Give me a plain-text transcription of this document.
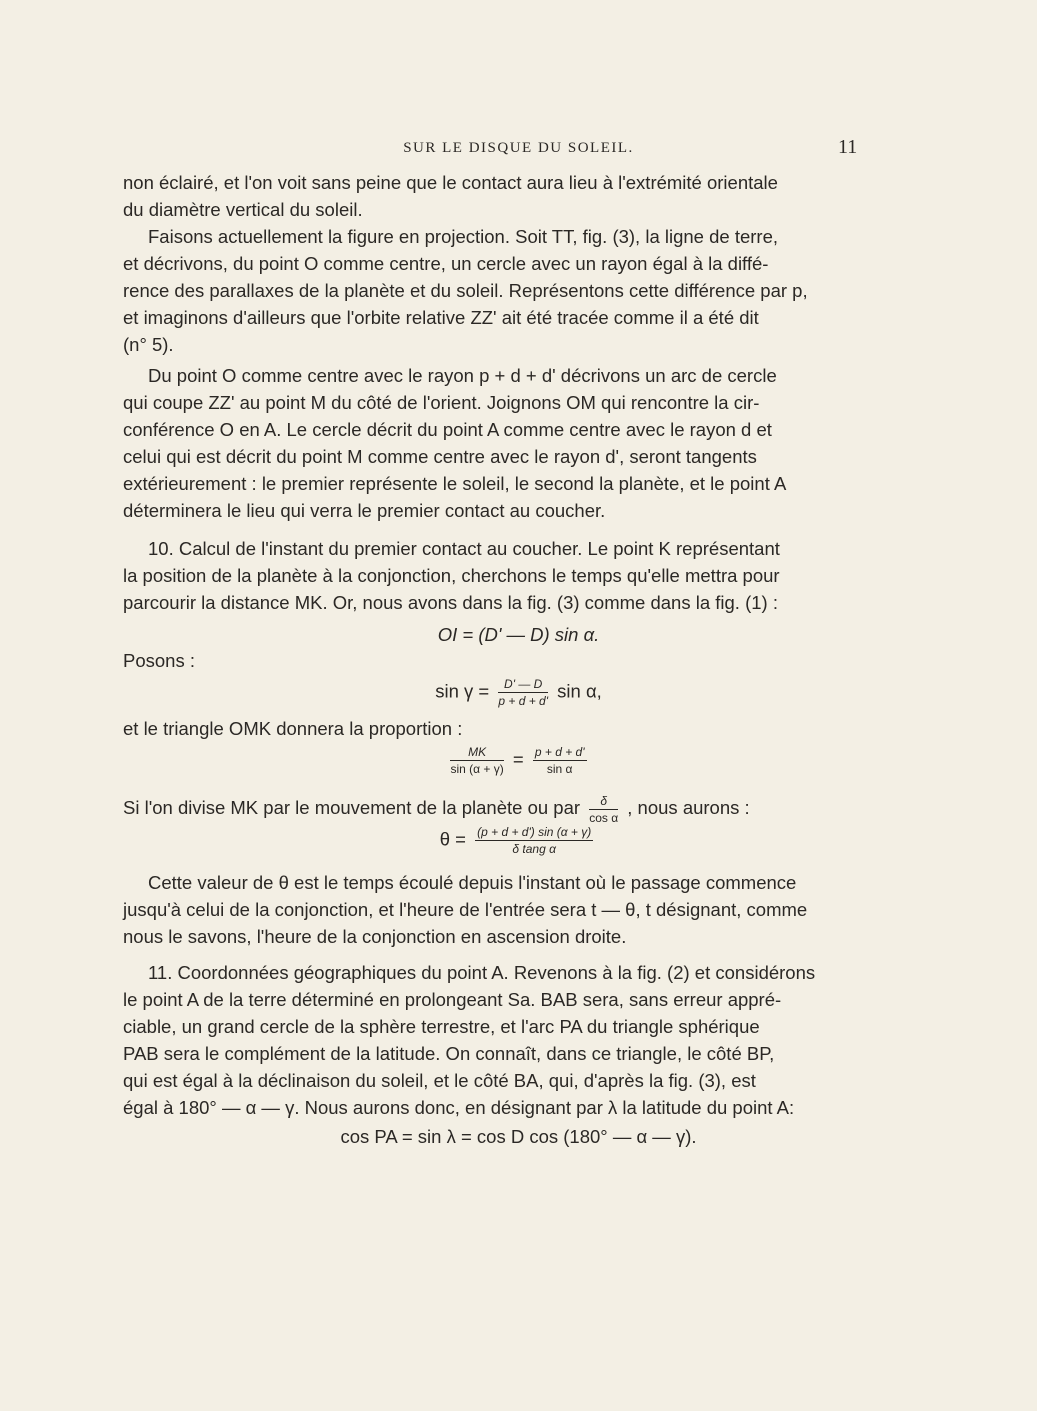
SUR LE DISQUE DU SOLEIL.	11
non éclairé, et l'on voit sans peine que le contact aura lieu à l'extrémité orientale
du diamètre vertical du soleil.
Faisons actuellement la figure en projection. Soit TT, fig. (3), la ligne de terre,
et décrivons, du point O comme centre, un cercle avec un rayon égal à la diffé-
rence des parallaxes de la planète et du soleil. Représentons cette différence par p,
et imaginons d'ailleurs que l'orbite relative ZZ' ait été tracée comme il a été dit
(n° 5).
Du point O comme centre avec le rayon p + d + d' décrivons un arc de cercle
qui coupe ZZ' au point M du côté de l'orient. Joignons OM qui rencontre la cir-
conférence O en A. Le cercle décrit du point A comme centre avec le rayon d et
celui qui est décrit du point M comme centre avec le rayon d', seront tangents
extérieurement : le premier représente le soleil, le second la planète, et le point A
déterminera le lieu qui verra le premier contact au coucher.
10. Calcul de l'instant du premier contact au coucher. Le point K représentant
la position de la planète à la conjonction, cherchons le temps qu'elle mettra pour
parcourir la distance MK. Or, nous avons dans la fig. (3) comme dans la fig. (1) :
OI = (D' — D) sin α.
Posons :
$\sin \gamma = \frac{D' — D}{p + d + d'}$ sin α,
et le triangle OMK donnera la proportion :
$\frac{MK}{\sin (\alpha + \gamma)} = \frac{p + d + d'}{\text{sin α}}$
Si l'on divise MK par le mouvement de la planète ou par $\frac{\delta}{\text{cos α}}$ , nous aurons :
$\theta = \frac{(p + d + d') \sin (\alpha + \gamma)}{\text{δ tang α}}$
Cette valeur de θ est le temps écoulé depuis l'instant où le passage commence
jusqu'à celui de la conjonction, et l'heure de l'entrée sera t — θ, t désignant, comme
nous le savons, l'heure de la conjonction en ascension droite.
11. Coordonnées géographiques du point A. Revenons à la fig. (2) et considérons
le point A de la terre déterminé en prolongeant Sa. BAB sera, sans erreur appré-
ciable, un grand cercle de la sphère terrestre, et l'arc PA du triangle sphérique
PAB sera le complément de la latitude. On connaît, dans ce triangle, le côté BP,
qui est égal à la déclinaison du soleil, et le côté BA, qui, d'après la fig. (3), est
égal à 180° — α — γ. Nous aurons donc, en désignant par λ la latitude du point A:
cos PA = sin λ = cos D cos (180° — α — γ).
